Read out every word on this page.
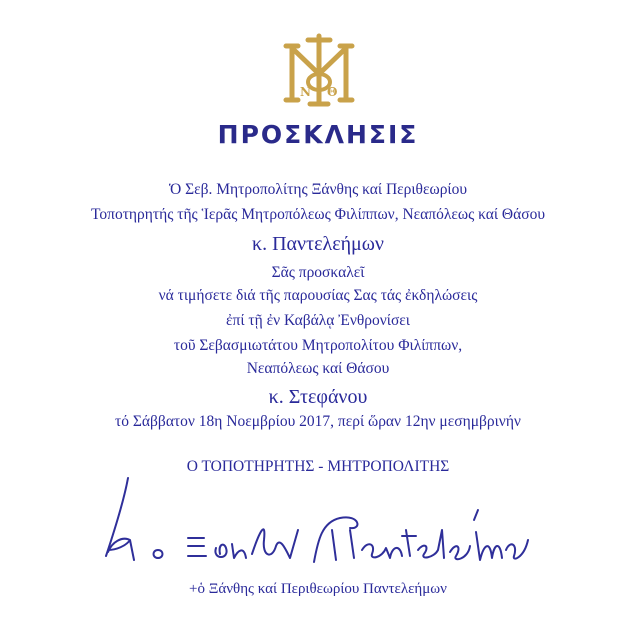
N Θ
ΠΡΟΣΚΛΗΣΙΣ
Ὁ Σεβ. Μητροπολίτης Ξάνθης καί Περιθεωρίου
Τοποτηρητής τῆς Ἱερᾶς Μητροπόλεως Φιλίππων, Νεαπόλεως καί Θάσου
κ. Παντελεήμων
Σᾶς προσκαλεῖ
νά τιμήσετε διά τῆς παρουσίας Σας τάς ἐκδηλώσεις
ἐπί τῇ ἐν Καβάλᾳ Ἐνθρονίσει
τοῦ Σεβασμιωτάτου Μητροπολίτου Φιλίππων,
Νεαπόλεως καί Θάσου
κ. Στεφάνου
τό Σάββατον 18η Νοεμβρίου 2017, περί ὥραν 12ην μεσημβρινήν
Ο ΤΟΠΟΤΗΡΗΤΗΣ - ΜΗΤΡΟΠΟΛΙΤΗΣ
+ὁ Ξάνθης καί Περιθεωρίου Παντελεήμων
